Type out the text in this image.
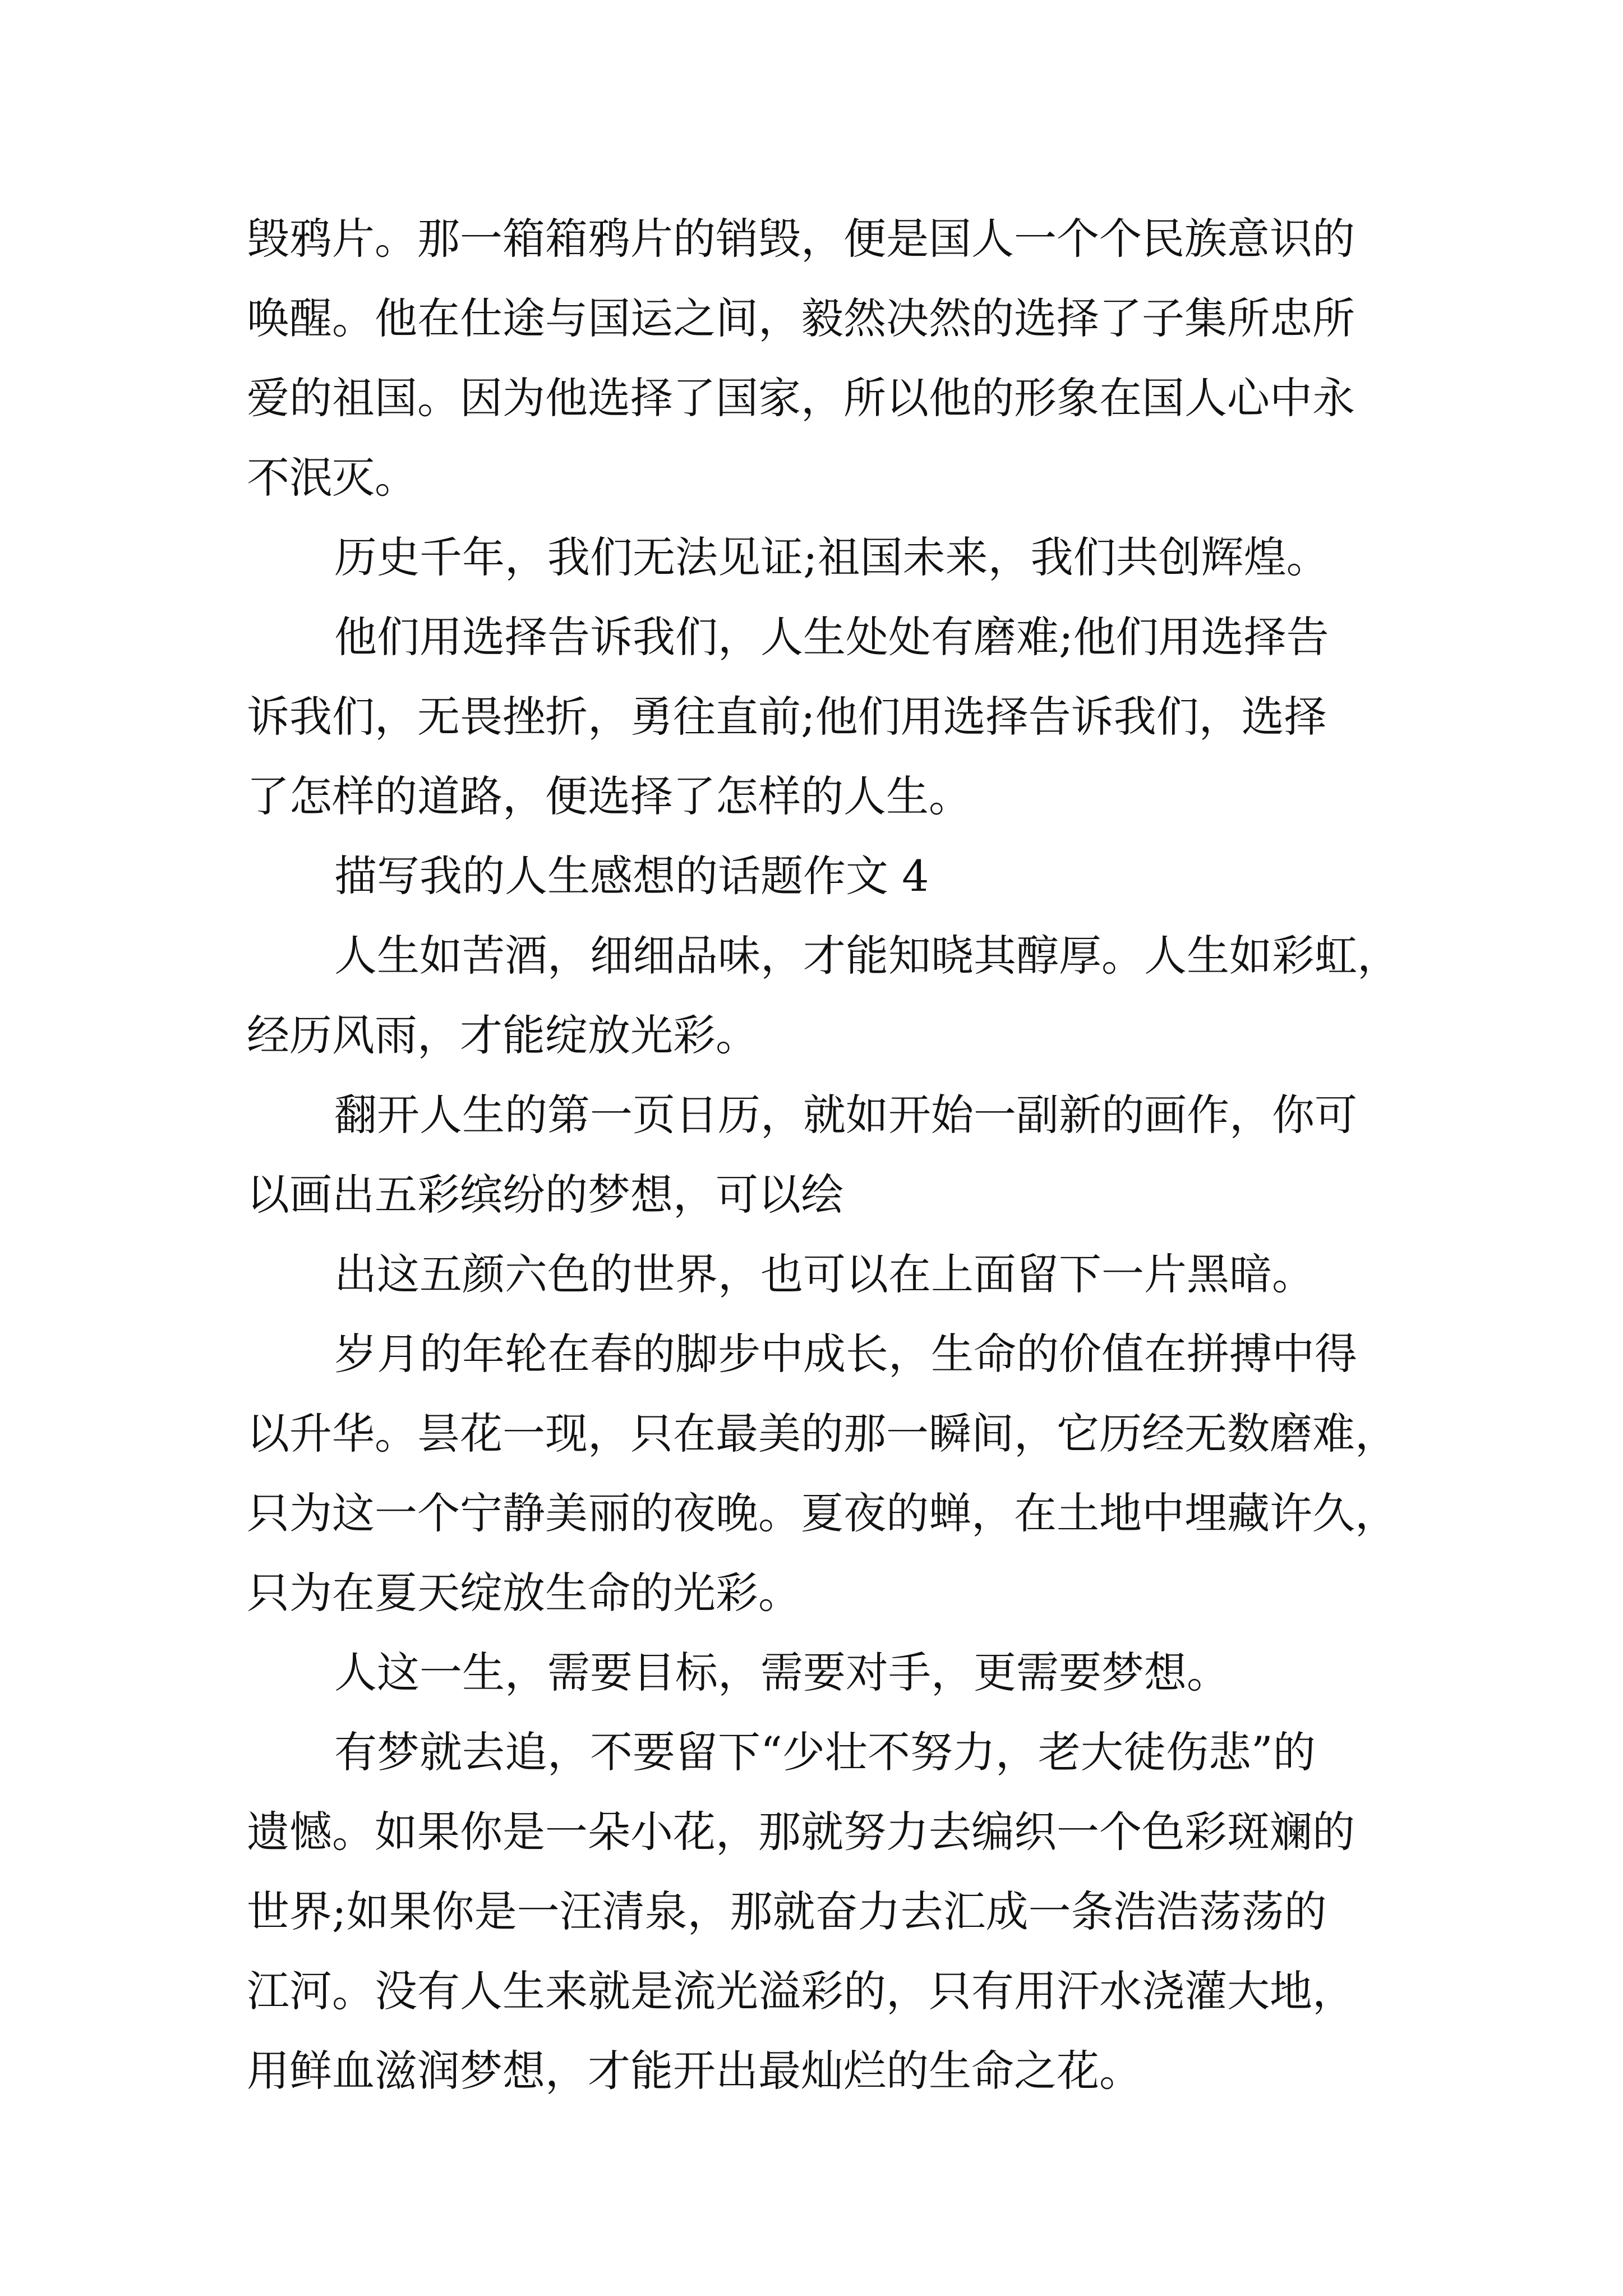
毁鸦片。那一箱箱鸦片的销毁，便是国人一个个民族意识的
唤醒。他在仕途与国运之间，毅然决然的选择了子集所忠所
爱的祖国。因为他选择了国家，所以他的形象在国人心中永
不泯灭。
历史千年，我们无法见证;祖国未来，我们共创辉煌。
他们用选择告诉我们，人生处处有磨难;他们用选择告
诉我们，无畏挫折，勇往直前;他们用选择告诉我们，选择
了怎样的道路，便选择了怎样的人生。
描写我的人生感想的话题作文 4
人生如苦酒，细细品味，才能知晓其醇厚。人生如彩虹，
经历风雨，才能绽放光彩。
翻开人生的第一页日历，就如开始一副新的画作，你可
以画出五彩缤纷的梦想，可以绘
出这五颜六色的世界，也可以在上面留下一片黑暗。
岁月的年轮在春的脚步中成长，生命的价值在拼搏中得
以升华。昙花一现，只在最美的那一瞬间，它历经无数磨难，
只为这一个宁静美丽的夜晚。夏夜的蝉，在土地中埋藏许久，
只为在夏天绽放生命的光彩。
人这一生，需要目标，需要对手，更需要梦想。
有梦就去追，不要留下“少壮不努力，老大徒伤悲”的
遗憾。如果你是一朵小花，那就努力去编织一个色彩斑斓的
世界;如果你是一汪清泉，那就奋力去汇成一条浩浩荡荡的
江河。没有人生来就是流光溢彩的，只有用汗水浇灌大地，
用鲜血滋润梦想，才能开出最灿烂的生命之花。
